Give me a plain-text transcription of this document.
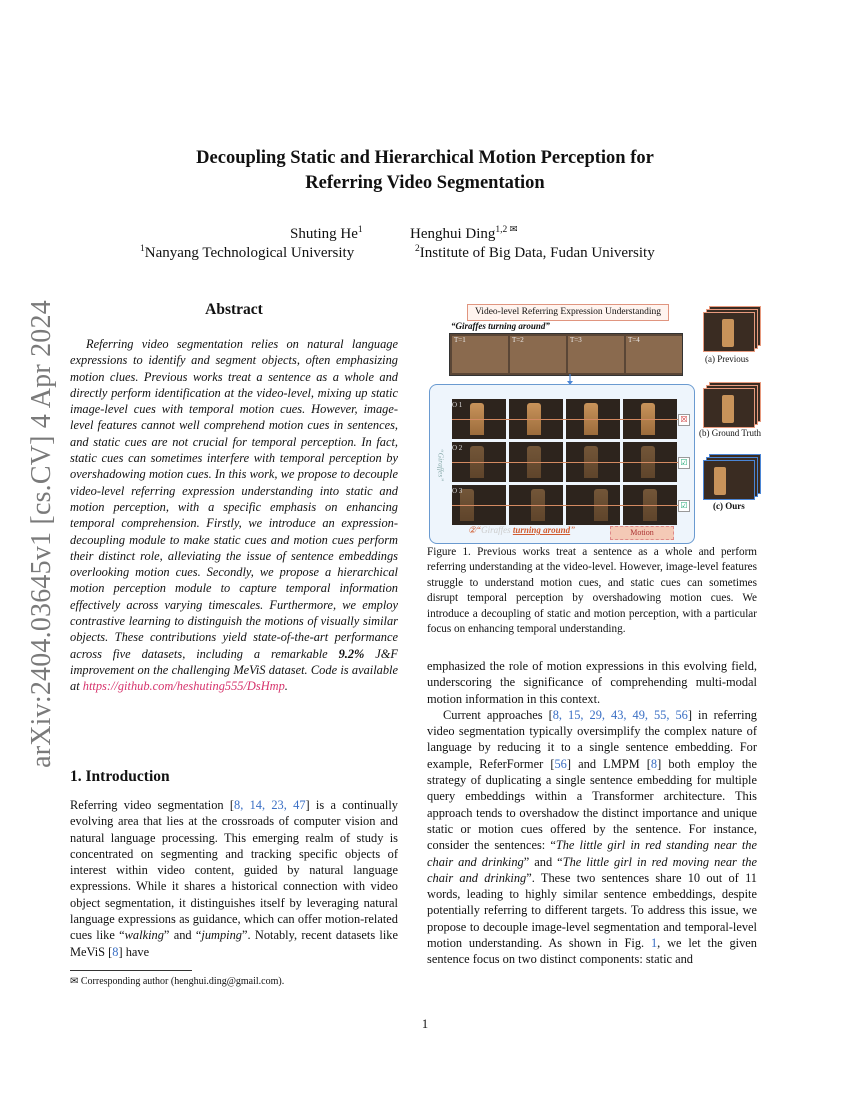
Decoupling Static and Hierarchical Motion Perception for
Referring Video Segmentation
Shuting He$^1$	Henghui Ding$^{1,2 ✉}$
$^1$Nanyang Technological University	$^2$Institute of Big Data, Fudan University
arXiv:2404.03645v1 [cs.CV] 4 Apr 2024	Abstract

Referring video segmentation relies on natural language expressions to identify and segment objects, often emphasizing motion clues. Previous works treat a sentence as a whole and directly perform identification at the video-level, mixing up static image-level cues with temporal motion cues. However, image-level features cannot well comprehend motion cues in sentences, and static cues are not crucial for temporal perception. In fact, static cues can sometimes interfere with temporal perception by overshadowing motion cues. In this work, we propose to decouple video-level referring expression understanding into static and motion perception, with a specific emphasis on enhancing temporal comprehension. Firstly, we introduce an expression-decoupling module to make static cues and motion cues perform their distinct role, alleviating the issue of sentence embeddings overlooking motion cues. Secondly, we propose a hierarchical motion perception module to capture temporal information effectively across varying timescales. Furthermore, we employ contrastive learning to distinguish the motions of visually similar objects. These contributions yield state-of-the-art performance across five datasets, including a remarkable 9.2% J&F improvement on the challenging MeViS dataset. Code is available at https://github.com/heshuting555/DsHmp.

1. Introduction

Referring video segmentation [8, 14, 23, 47] is a continually evolving area that lies at the crossroads of computer vision and natural language processing. This emerging realm of study is concentrated on segmenting and tracking specific objects of interest within video content, guided by natural language expressions. While it shares a historical connection with video object segmentation, it distinguishes itself by leveraging natural language expressions as guidance, which can offer motion-related cues like “walking” and “jumping”. Notably, recent datasets like MeViS [8] have

✉ Corresponding author (henghui.ding@gmail.com).
Video-level Referring Expression Understanding
“Giraffes turning around”
T=1	T=2	T=3	T=4
“Giraffes”
O 1
O 2
O 3
☒
☑
☑
②“Giraffes turning around”	Motion
(a) Previous
(b) Ground Truth
(c) Ours

Figure 1. Previous works treat a sentence as a whole and perform referring understanding at the video-level. However, image-level features struggle to understand motion cues, and static cues can sometimes disrupt temporal perception by overshadowing motion cues. We introduce a decoupling of static and motion perception, with a particular focus on enhancing temporal understanding.

emphasized the role of motion expressions in this evolving field, underscoring the significance of comprehending multi-modal motion information in this context.

Current approaches [8, 15, 29, 43, 49, 55, 56] in referring video segmentation typically oversimplify the complex nature of language by reducing it to a single sentence embedding. For example, ReferFormer [56] and LMPM [8] both employ the strategy of duplicating a single sentence embedding for multiple query embeddings within a Transformer architecture. This approach tends to overshadow the distinct importance and unique static or motion cues offered by the sentence. For instance, consider the sentences: “The little girl in red standing near the chair and drinking” and “The little girl in red moving near the chair and drinking”. These two sentences share 10 out of 11 words, leading to highly similar sentence embeddings, despite potentially referring to different targets. To address this issue, we propose to decouple image-level segmentation and temporal-level motion understanding. As shown in Fig. 1, we let the given sentence focus on two distinct components: static and

1
